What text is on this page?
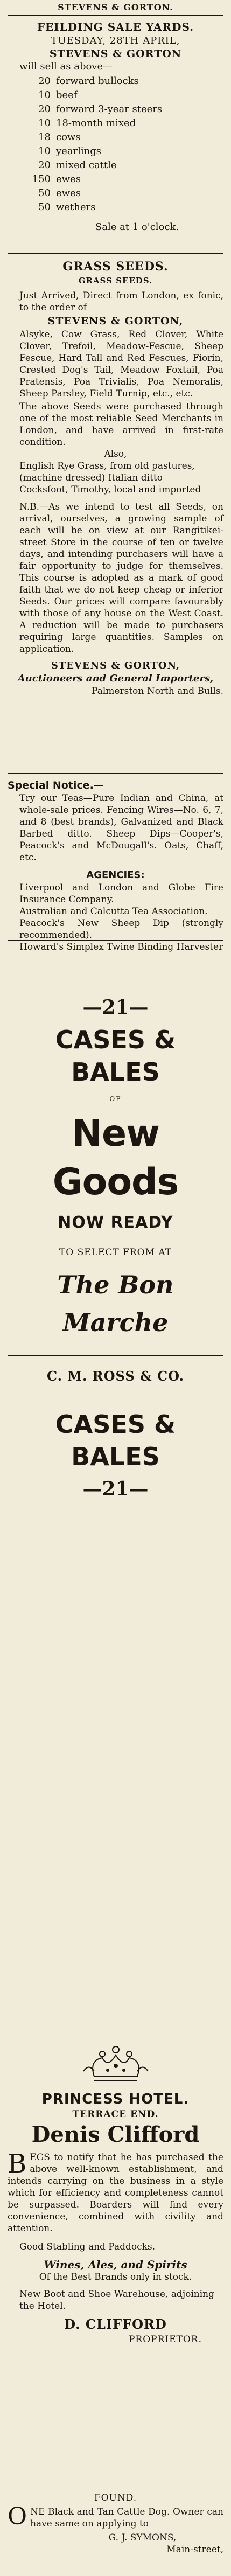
STEVENS & GORTON.
FEILDING SALE YARDS.
TUESDAY, 28TH APRIL,
STEVENS & GORTON
will sell as above—
20 forward bullocks
10 beef
20 forward 3-year steers
10 18-month mixed
18 cows
10 yearlings
20 mixed cattle
150 ewes
50 ewes
50 wethers
Sale at 1 o'clock.
GRASS SEEDS.
GRASS SEEDS.
Just Arrived, Direct from London, ex fonic, to the order of
STEVENS & GORTON,
Alsyke, Cow Grass, Red Clover, White Clover, Trefoil, Meadow-Fescue, Sheep Fescue, Hard Tall and Red Fescues, Fiorin, Crested Dog's Tail, Meadow Foxtail, Poa Pratensis, Poa Trivialis, Poa Nemoralis, Sheep Parsley, Field Turnip, etc., etc.
The above Seeds were purchased through one of the most reliable Seed Merchants in London, and have arrived in first-rate condition.
Also,
English Rye Grass, from old pastures, (machine dressed) Italian ditto
Cocksfoot, Timothy, local and imported
N.B.—As we intend to test all Seeds, on arrival, ourselves, a growing sample of each will be on view at our Rangitikei-street Store in the course of ten or twelve days, and intending purchasers will have a fair opportunity to judge for themselves. This course is adopted as a mark of good faith that we do not keep cheap or inferior Seeds. Our prices will compare favourably with those of any house on the West Coast. A reduction will be made to purchasers requiring large quantities. Samples on application.
STEVENS & GORTON,
Auctioneers and General Importers,
Palmerston North and Bulls.
Special Notice.—
Try our Teas—Pure Indian and China, at whole-sale prices. Fencing Wires—No. 6, 7, and 8 (best brands), Galvanized and Black Barbed ditto. Sheep Dips—Cooper's, Peacock's and McDougall's. Oats, Chaff, etc.
AGENCIES:
Liverpool and London and Globe Fire Insurance Company.
Australian and Calcutta Tea Association.
Peacock's New Sheep Dip (strongly recommended).
Howard's Simplex Twine Binding Harvester
—21—
CASES & BALES
OF
New Goods
NOW READY
TO SELECT FROM AT
The Bon Marche
C. M. ROSS & CO.
CASES & BALES
—21—
PRINCESS HOTEL.
TERRACE END.
Denis Clifford
B EGS to notify that he has purchased the above well-known establishment, and intends carrying on the business in a style which for efficiency and completeness cannot be surpassed. Boarders will find every convenience, combined with civility and attention.
Good Stabling and Paddocks.
Wines, Ales, and Spirits
Of the Best Brands only in stock.
New Boot and Shoe Warehouse, adjoining the Hotel.
D. CLIFFORD
PROPRIETOR.
FOUND.
O NE Black and Tan Cattle Dog. Owner can have same on applying to
G. J. SYMONS,
Main-street,
